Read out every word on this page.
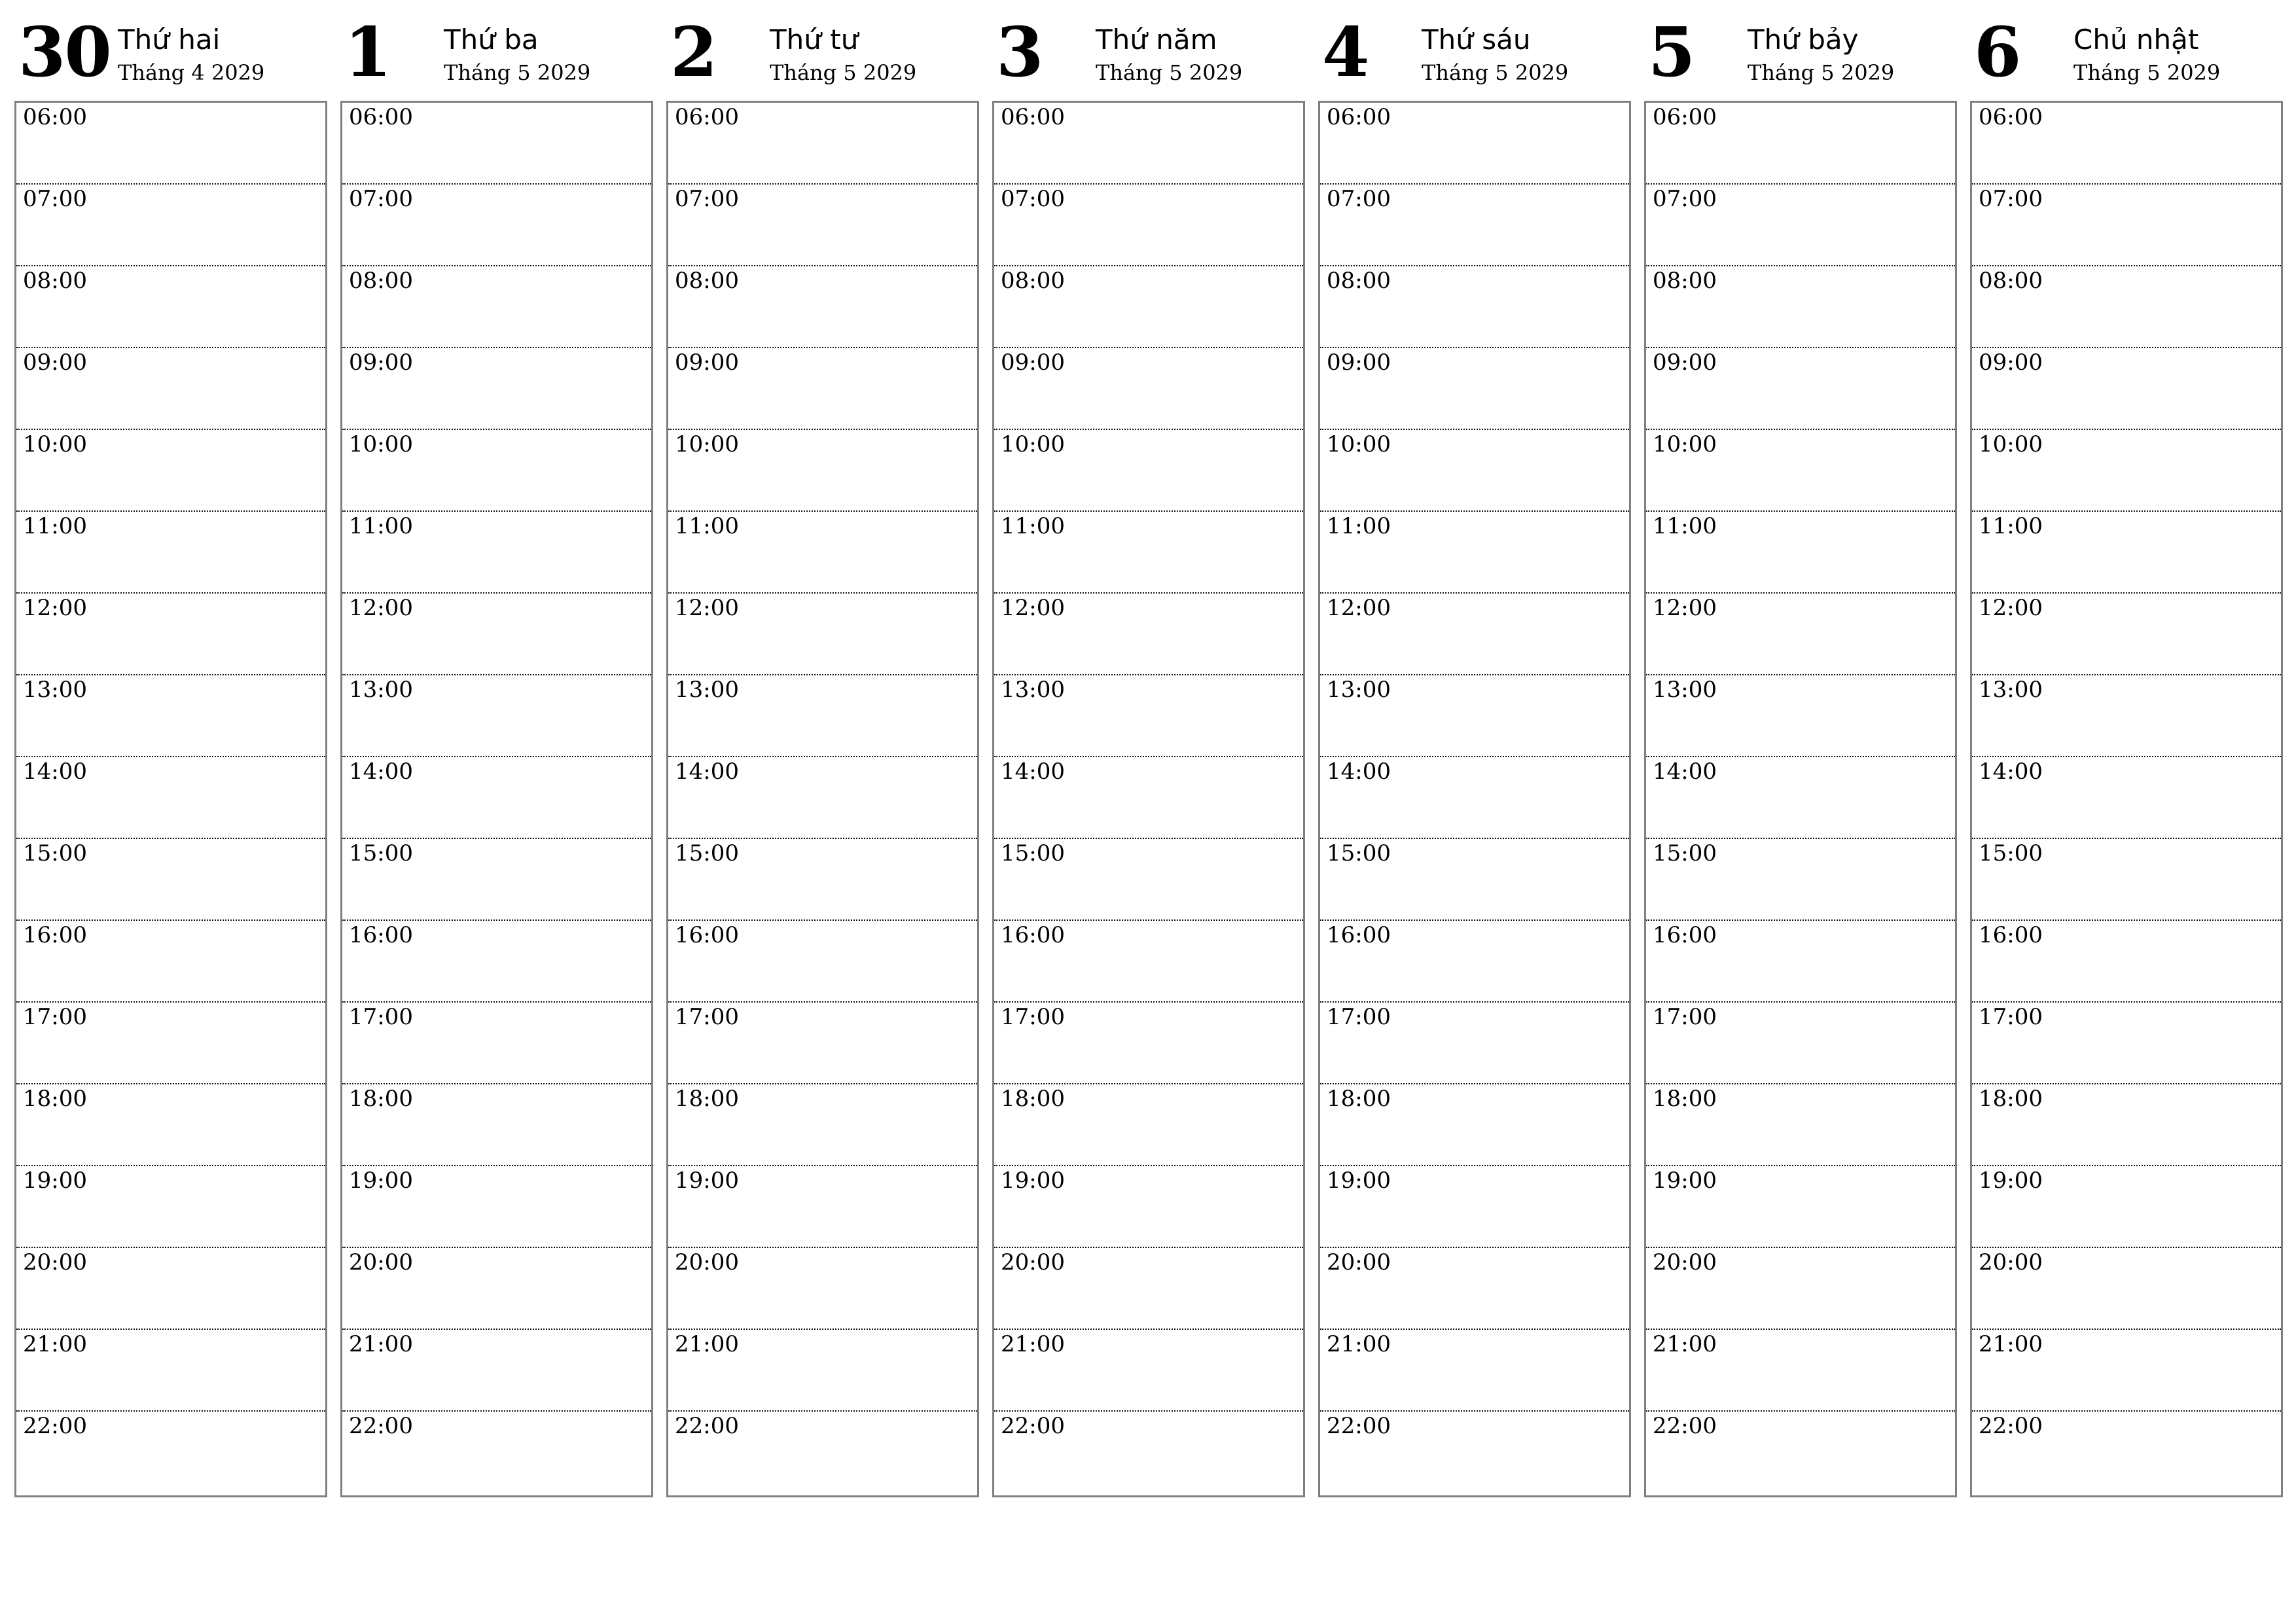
30 Thứ hai
Tháng 4 2029
06:00
07:00
08:00
09:00
10:00
11:00
12:00
13:00
14:00
15:00
16:00
17:00
18:00
19:00
20:00
21:00
22:00
1 Thứ ba
Tháng 5 2029
06:00
07:00
08:00
09:00
10:00
11:00
12:00
13:00
14:00
15:00
16:00
17:00
18:00
19:00
20:00
21:00
22:00
2 Thứ tư
Tháng 5 2029
06:00
07:00
08:00
09:00
10:00
11:00
12:00
13:00
14:00
15:00
16:00
17:00
18:00
19:00
20:00
21:00
22:00
3 Thứ năm
Tháng 5 2029
06:00
07:00
08:00
09:00
10:00
11:00
12:00
13:00
14:00
15:00
16:00
17:00
18:00
19:00
20:00
21:00
22:00
4 Thứ sáu
Tháng 5 2029
06:00
07:00
08:00
09:00
10:00
11:00
12:00
13:00
14:00
15:00
16:00
17:00
18:00
19:00
20:00
21:00
22:00
5 Thứ bảy
Tháng 5 2029
06:00
07:00
08:00
09:00
10:00
11:00
12:00
13:00
14:00
15:00
16:00
17:00
18:00
19:00
20:00
21:00
22:00
6 Chủ nhật
Tháng 5 2029
06:00
07:00
08:00
09:00
10:00
11:00
12:00
13:00
14:00
15:00
16:00
17:00
18:00
19:00
20:00
21:00
22:00
